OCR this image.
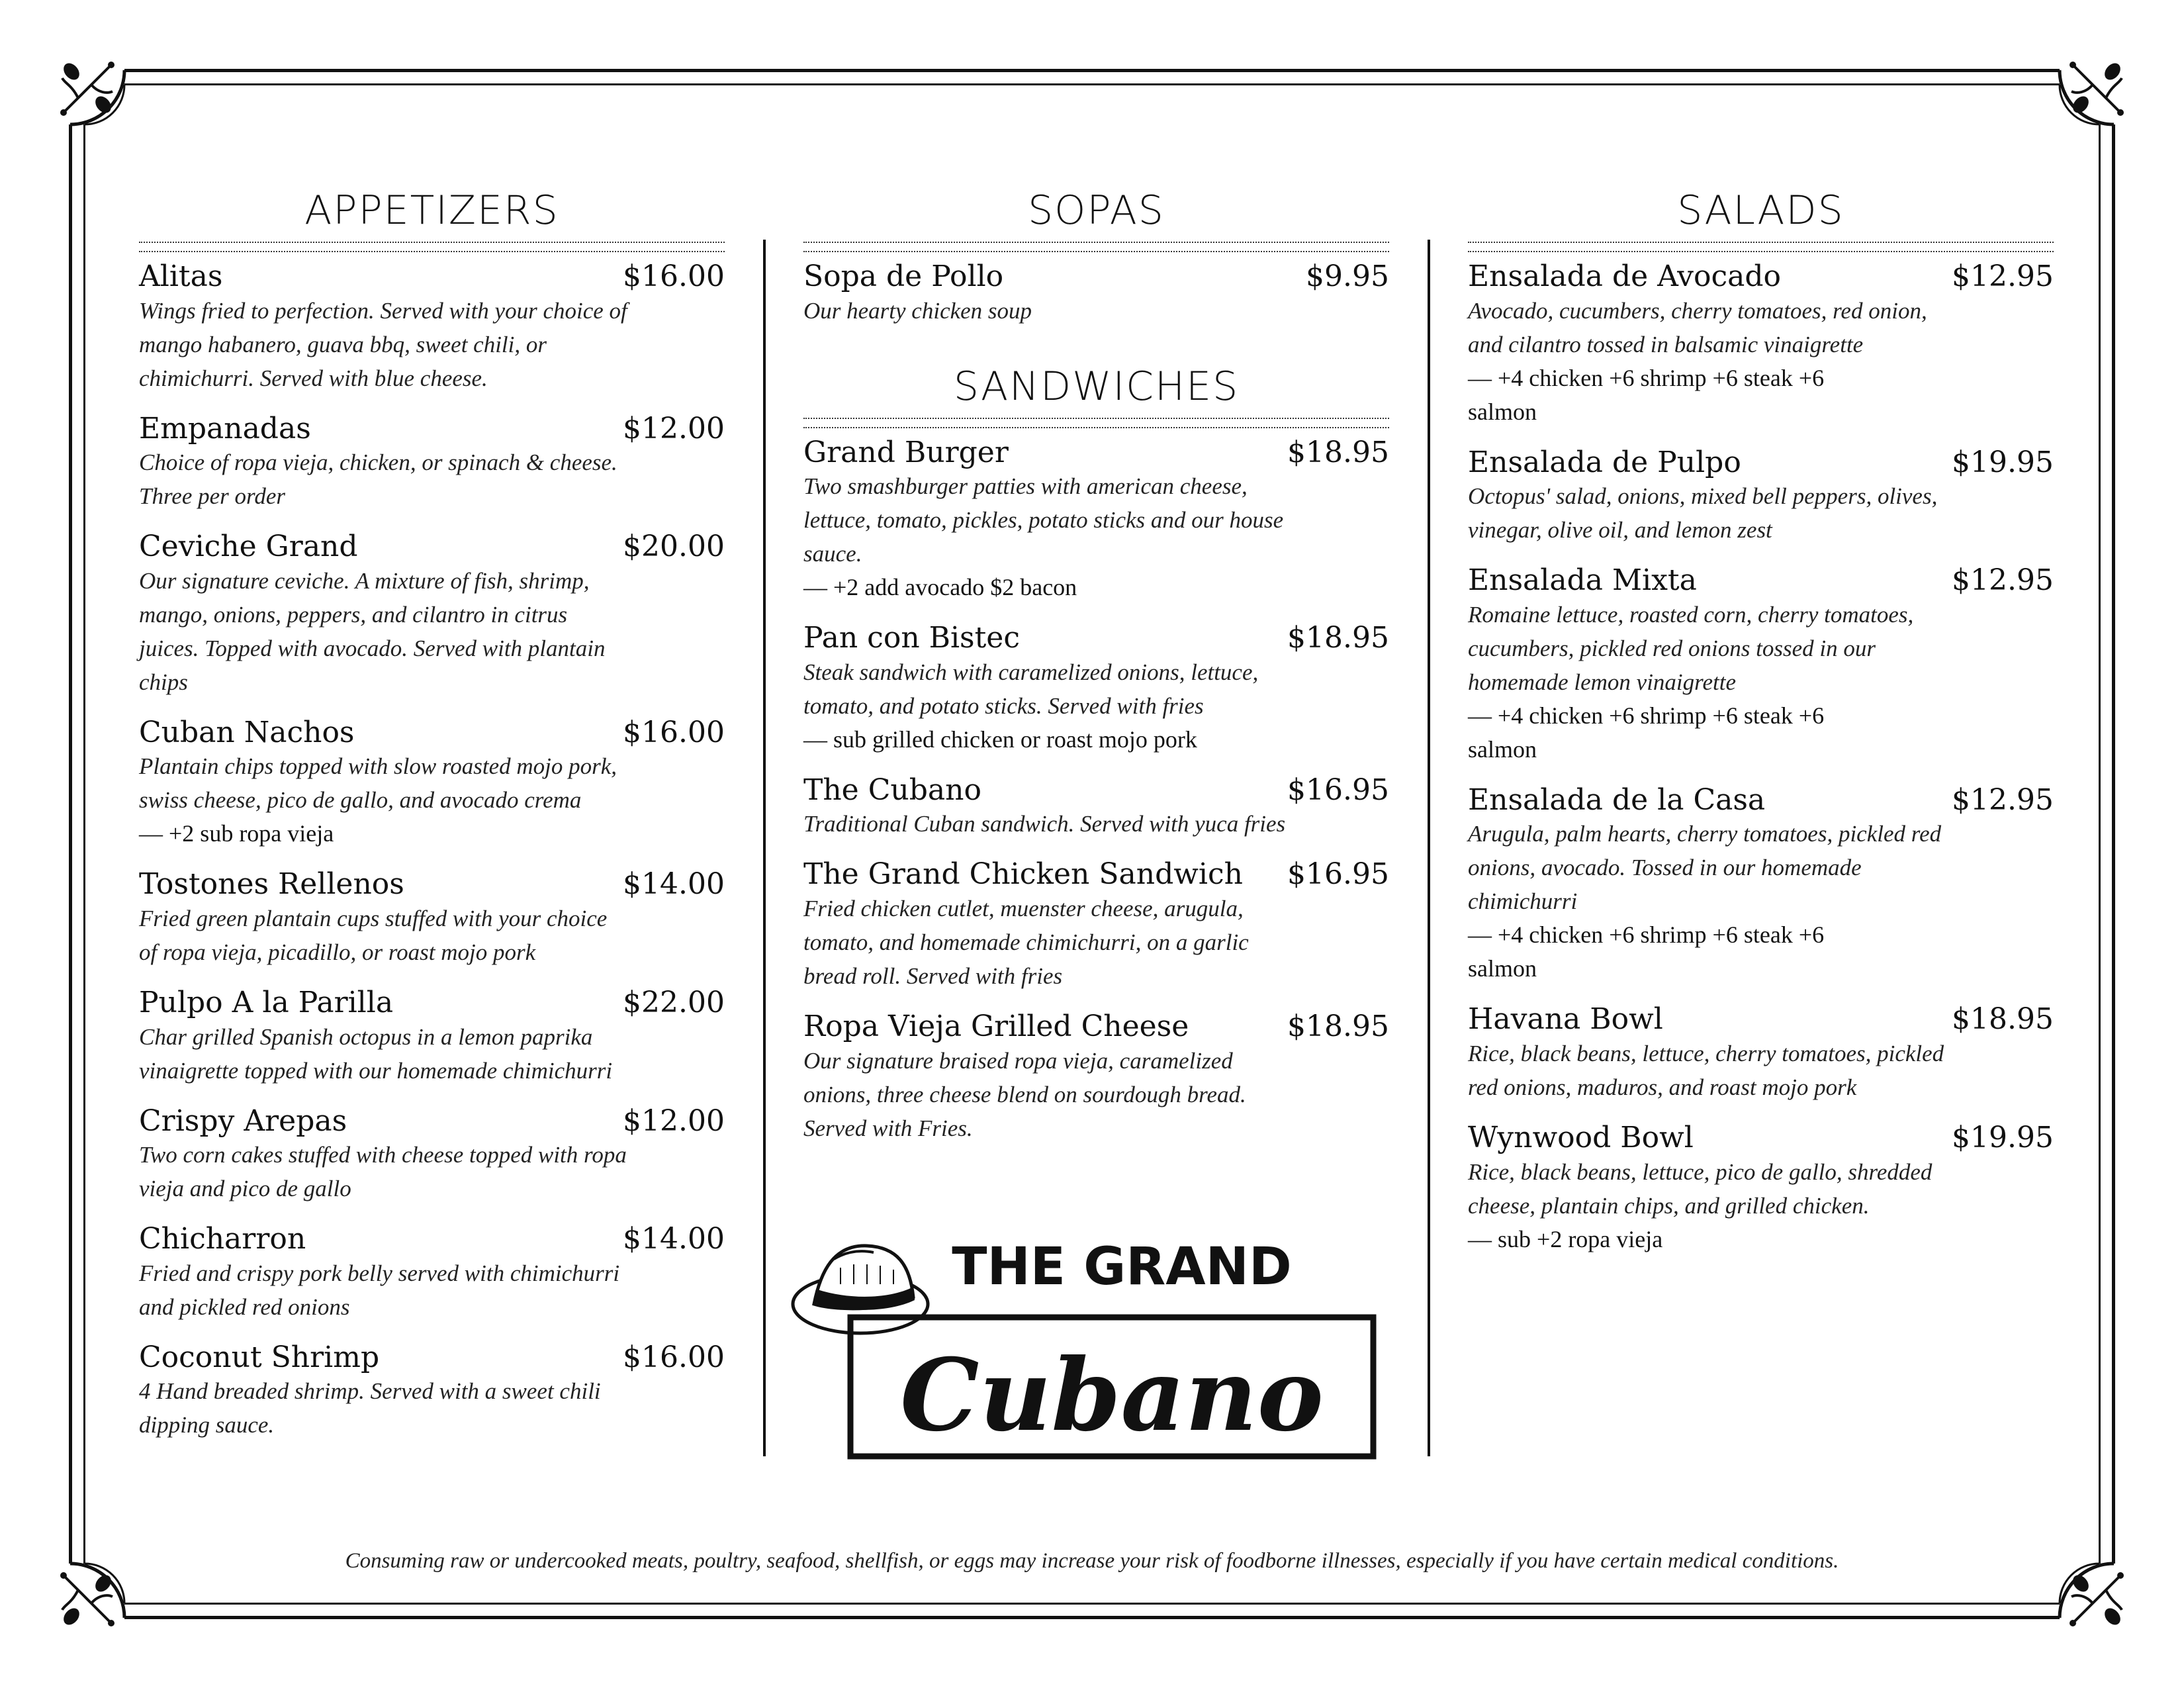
APPETIZERS
Alitas	$16.00
Wings fried to perfection. Served with your choice of mango habanero, guava bbq, sweet chili, or chimichurri. Served with blue cheese.
Empanadas	$12.00
Choice of ropa vieja, chicken, or spinach & cheese. Three per order
Ceviche Grand	$20.00
Our signature ceviche. A mixture of fish, shrimp, mango, onions, peppers, and cilantro in citrus juices. Topped with avocado. Served with plantain chips
Cuban Nachos	$16.00
Plantain chips topped with slow roasted mojo pork, swiss cheese, pico de gallo, and avocado crema
— +2 sub ropa vieja
Tostones Rellenos	$14.00
Fried green plantain cups stuffed with your choice of ropa vieja, picadillo, or roast mojo pork
Pulpo A la Parilla	$22.00
Char grilled Spanish octopus in a lemon paprika vinaigrette topped with our homemade chimichurri
Crispy Arepas	$12.00
Two corn cakes stuffed with cheese topped with ropa vieja and pico de gallo
Chicharron	$14.00
Fried and crispy pork belly served with chimichurri and pickled red onions
Coconut Shrimp	$16.00
4 Hand breaded shrimp. Served with a sweet chili dipping sauce.
SOPAS
Sopa de Pollo	$9.95
Our hearty chicken soup
SANDWICHES
Grand Burger	$18.95
Two smashburger patties with american cheese, lettuce, tomato, pickles, potato sticks and our house sauce.
— +2 add avocado $2 bacon
Pan con Bistec	$18.95
Steak sandwich with caramelized onions, lettuce, tomato, and potato sticks. Served with fries
— sub grilled chicken or roast mojo pork
The Cubano	$16.95
Traditional Cuban sandwich. Served with yuca fries
The Grand Chicken Sandwich $16.95
Fried chicken cutlet, muenster cheese, arugula, tomato, and homemade chimichurri, on a garlic bread roll. Served with fries
Ropa Vieja Grilled Cheese	$18.95
Our signature braised ropa vieja, caramelized onions, three cheese blend on sourdough bread. Served with Fries.
THE GRAND
Cubano
SALADS
Ensalada de Avocado	$12.95
Avocado, cucumbers, cherry tomatoes, red onion, and cilantro tossed in balsamic vinaigrette
— +4 chicken +6 shrimp +6 steak +6 salmon
Ensalada de Pulpo	$19.95
Octopus' salad, onions, mixed bell peppers, olives, vinegar, olive oil, and lemon zest
Ensalada Mixta	$12.95
Romaine lettuce, roasted corn, cherry tomatoes, cucumbers, pickled red onions tossed in our homemade lemon vinaigrette
— +4 chicken +6 shrimp +6 steak +6 salmon
Ensalada de la Casa	$12.95
Arugula, palm hearts, cherry tomatoes, pickled red onions, avocado. Tossed in our homemade chimichurri
— +4 chicken +6 shrimp +6 steak +6 salmon
Havana Bowl	$18.95
Rice, black beans, lettuce, cherry tomatoes, pickled red onions, maduros, and roast mojo pork
Wynwood Bowl	$19.95
Rice, black beans, lettuce, pico de gallo, shredded cheese, plantain chips, and grilled chicken.
— sub +2 ropa vieja
Consuming raw or undercooked meats, poultry, seafood, shellfish, or eggs may increase your risk of foodborne illnesses, especially if you have certain medical conditions.
